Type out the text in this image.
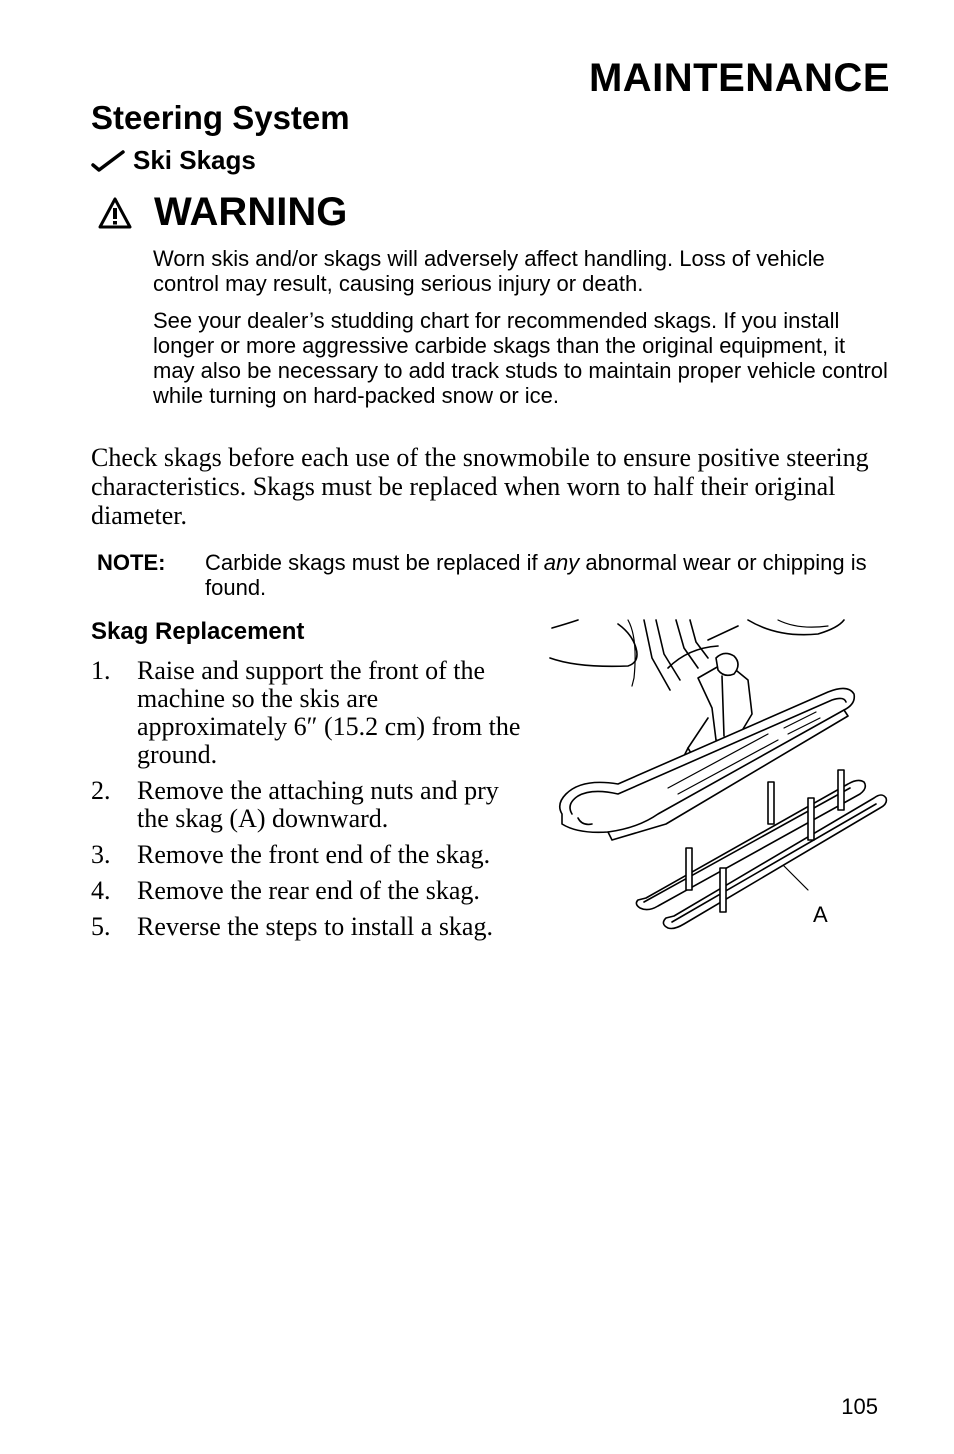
MAINTENANCE
Steering System
Ski Skags
WARNING

Worn skis and/or skags will adversely affect handling. Loss of vehicle control may result, causing serious injury or death.

See your dealer’s studding chart for recommended skags. If you install longer or more aggressive carbide skags than the original equipment, it may also be necessary to add track studs to maintain proper vehicle control while turning on hard-packed snow or ice.

Check skags before each use of the snowmobile to ensure positive steering characteristics. Skags must be replaced when worn to half their original diameter.

NOTE: Carbide skags must be replaced if any abnormal wear or chipping is found.

Skag Replacement
1. Raise and support the front of the machine so the skis are approximately 6″ (15.2 cm) from the ground.
2. Remove the attaching nuts and pry the skag (A) downward.
3. Remove the front end of the skag.
4. Remove the rear end of the skag.
5. Reverse the steps to install a skag.	A
105
